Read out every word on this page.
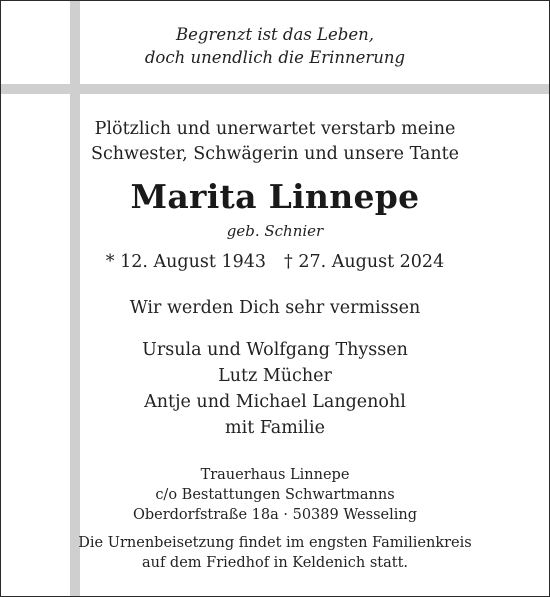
Begrenzt ist das Leben,
doch unendlich die Erinnerung
Plötzlich und unerwartet verstarb meine
Schwester, Schwägerin und unsere Tante
Marita Linnepe
geb. Schnier
* 12. August 1943 † 27. August 2024
Wir werden Dich sehr vermissen
Ursula und Wolfgang Thyssen
Lutz Mücher
Antje und Michael Langenohl
mit Familie
Trauerhaus Linnepe
c/o Bestattungen Schwartmanns
Oberdorfstraße 18a · 50389 Wesseling
Die Urnenbeisetzung findet im engsten Familienkreis
auf dem Friedhof in Keldenich statt.
